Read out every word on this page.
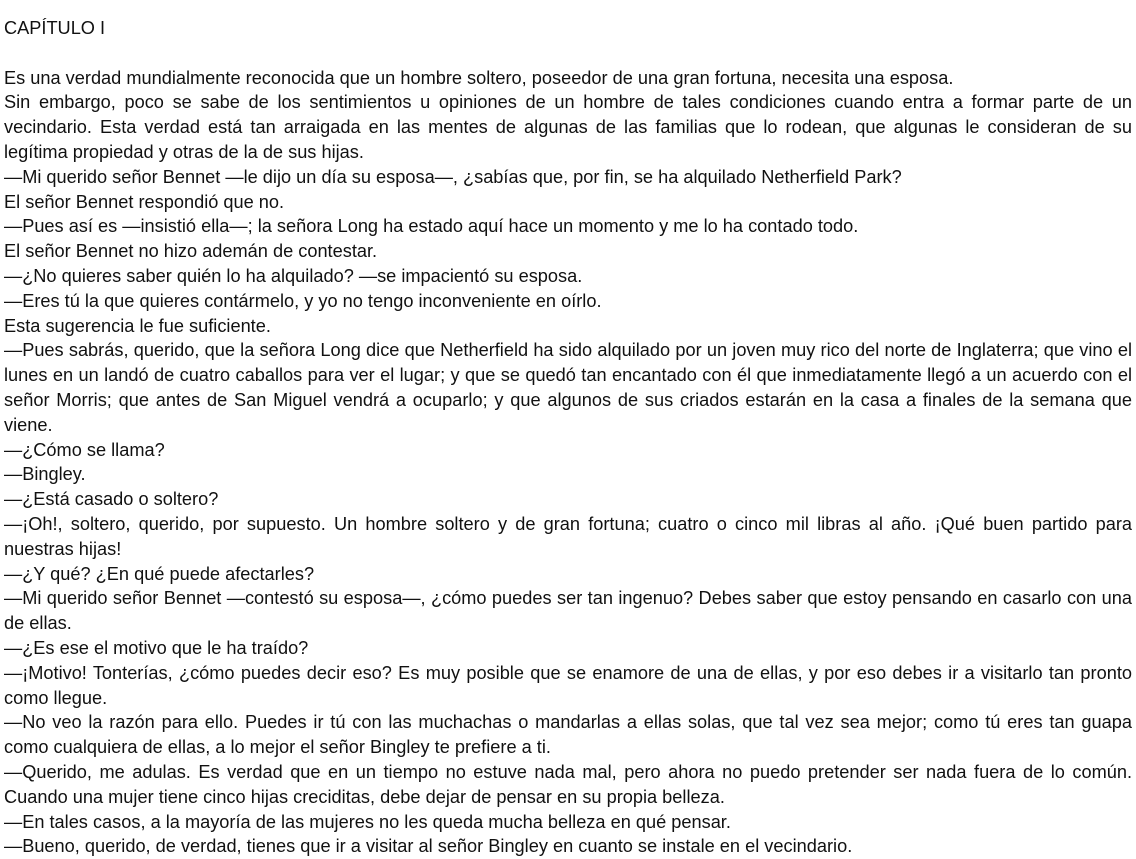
CAPÍTULO I

Es una verdad mundialmente reconocida que un hombre soltero, poseedor de una gran fortuna, necesita una esposa.

Sin embargo, poco se sabe de los sentimientos u opiniones de un hombre de tales condiciones cuando entra a formar parte de un vecindario. Esta verdad está tan arraigada en las mentes de algunas de las familias que lo rodean, que algunas le consideran de su legítima propiedad y otras de la de sus hijas.

—Mi querido señor Bennet —le dijo un día su esposa—, ¿sabías que, por fin, se ha alquilado Netherfield Park?

El señor Bennet respondió que no.

—Pues así es —insistió ella—; la señora Long ha estado aquí hace un momento y me lo ha contado todo.

El señor Bennet no hizo ademán de contestar.

—¿No quieres saber quién lo ha alquilado? —se impacientó su esposa.

—Eres tú la que quieres contármelo, y yo no tengo inconveniente en oírlo.

Esta sugerencia le fue suficiente.

—Pues sabrás, querido, que la señora Long dice que Netherfield ha sido alquilado por un joven muy rico del norte de Inglaterra; que vino el lunes en un landó de cuatro caballos para ver el lugar; y que se quedó tan encantado con él que inmediatamente llegó a un acuerdo con el señor Morris; que antes de San Miguel vendrá a ocuparlo; y que algunos de sus criados estarán en la casa a finales de la semana que viene.

—¿Cómo se llama?

—Bingley.

—¿Está casado o soltero?

—¡Oh!, soltero, querido, por supuesto. Un hombre soltero y de gran fortuna; cuatro o cinco mil libras al año. ¡Qué buen partido para nuestras hijas!

—¿Y qué? ¿En qué puede afectarles?

—Mi querido señor Bennet —contestó su esposa—, ¿cómo puedes ser tan ingenuo? Debes saber que estoy pensando en casarlo con una de ellas.

—¿Es ese el motivo que le ha traído?

—¡Motivo! Tonterías, ¿cómo puedes decir eso? Es muy posible que se enamore de una de ellas, y por eso debes ir a visitarlo tan pronto como llegue.

—No veo la razón para ello. Puedes ir tú con las muchachas o mandarlas a ellas solas, que tal vez sea mejor; como tú eres tan guapa como cualquiera de ellas, a lo mejor el señor Bingley te prefiere a ti.

—Querido, me adulas. Es verdad que en un tiempo no estuve nada mal, pero ahora no puedo pretender ser nada fuera de lo común. Cuando una mujer tiene cinco hijas creciditas, debe dejar de pensar en su propia belleza.

—En tales casos, a la mayoría de las mujeres no les queda mucha belleza en qué pensar.

—Bueno, querido, de verdad, tienes que ir a visitar al señor Bingley en cuanto se instale en el vecindario.
